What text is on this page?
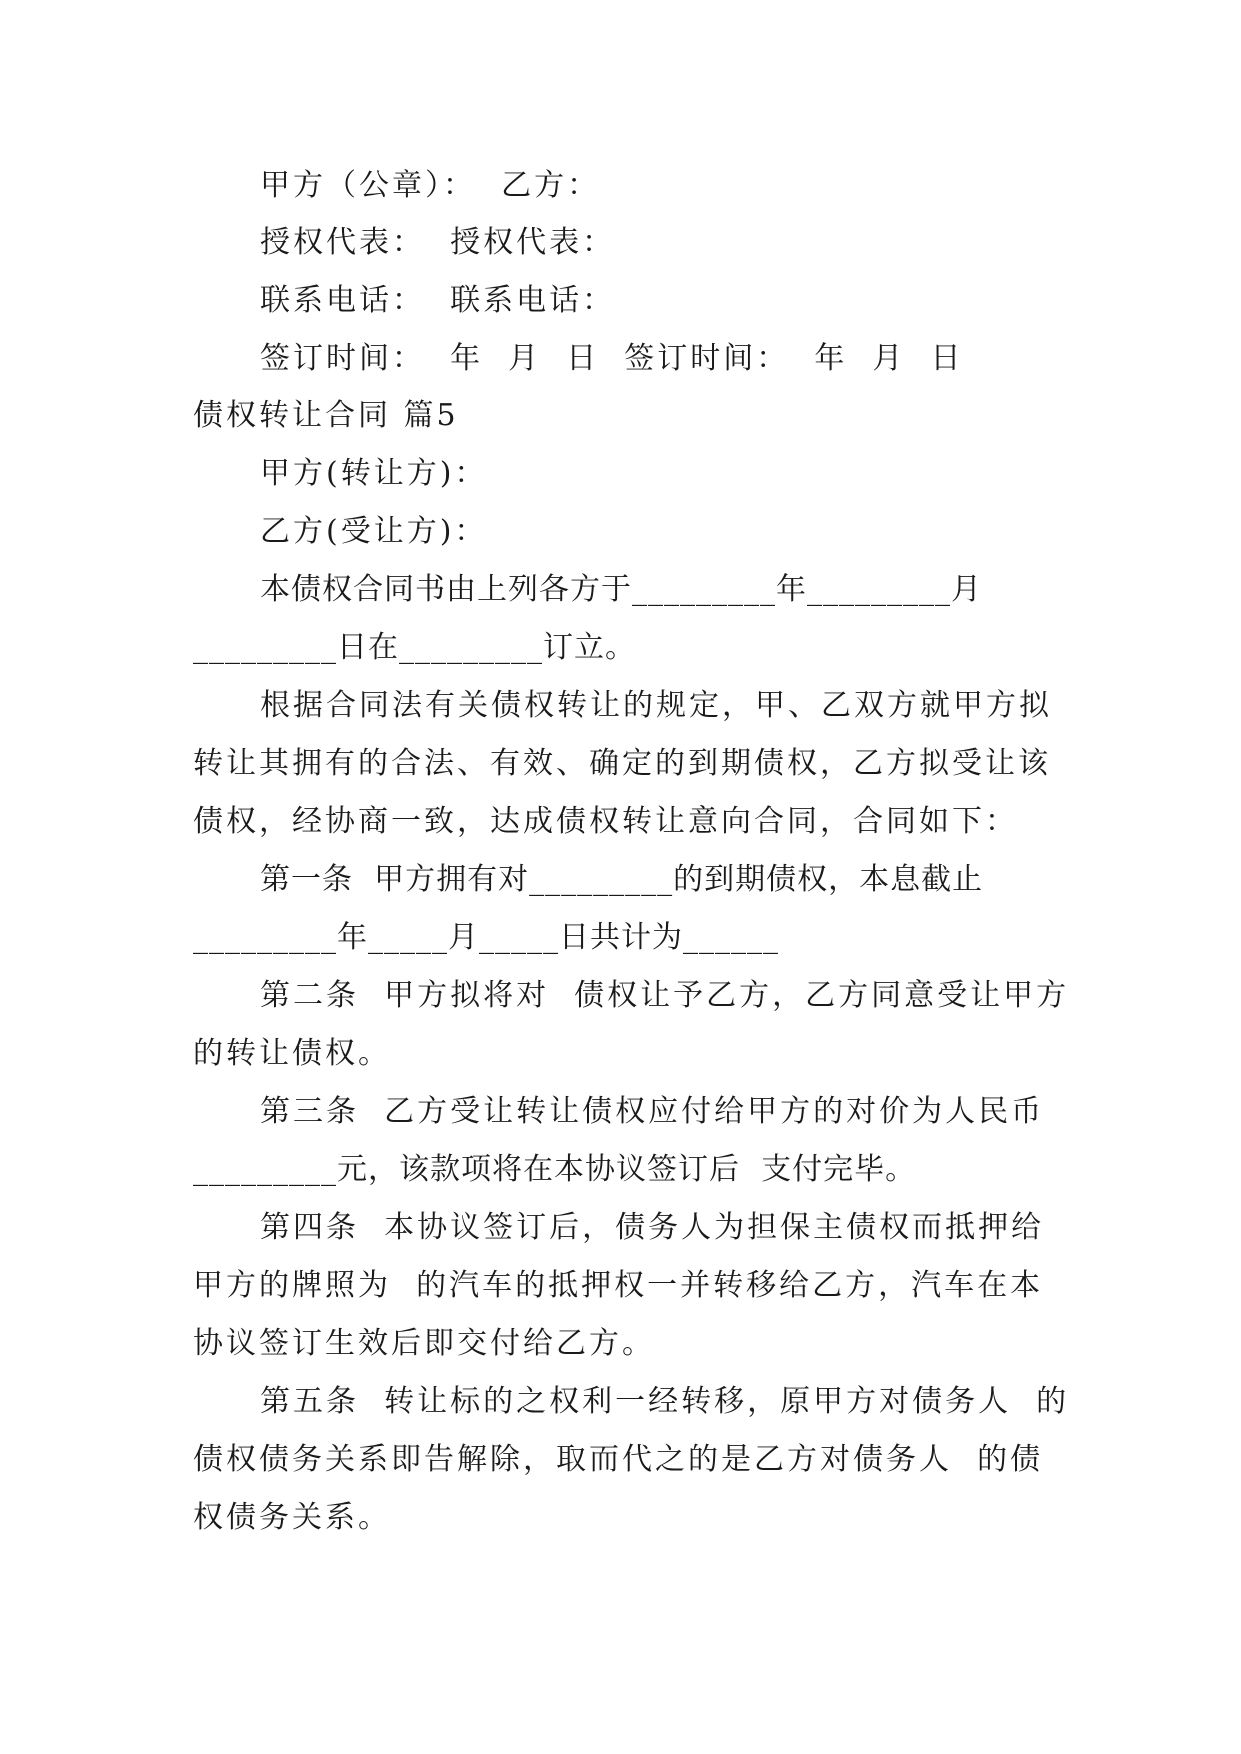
甲方（公章）：  乙方：
授权代表：  授权代表：
联系电话：  联系电话：
签订时间：  年  月  日  签订时间：  年  月  日
债权转让合同 篇5
甲方(转让方)：
乙方(受让方)：
本债权合同书由上列各方于_________年_________月
_________日在_________订立。
根据合同法有关债权转让的规定，甲、乙双方就甲方拟
转让其拥有的合法、有效、确定的到期债权，乙方拟受让该
债权，经协商一致，达成债权转让意向合同，合同如下：
第一条  甲方拥有对_________的到期债权，本息截止
_________年_____月_____日共计为______
第二条  甲方拟将对  债权让予乙方，乙方同意受让甲方
的转让债权。
第三条  乙方受让转让债权应付给甲方的对价为人民币
_________元，该款项将在本协议签订后  支付完毕。
第四条  本协议签订后，债务人为担保主债权而抵押给
甲方的牌照为  的汽车的抵押权一并转移给乙方，汽车在本
协议签订生效后即交付给乙方。
第五条  转让标的之权利一经转移，原甲方对债务人  的
债权债务关系即告解除，取而代之的是乙方对债务人  的债
权债务关系。
